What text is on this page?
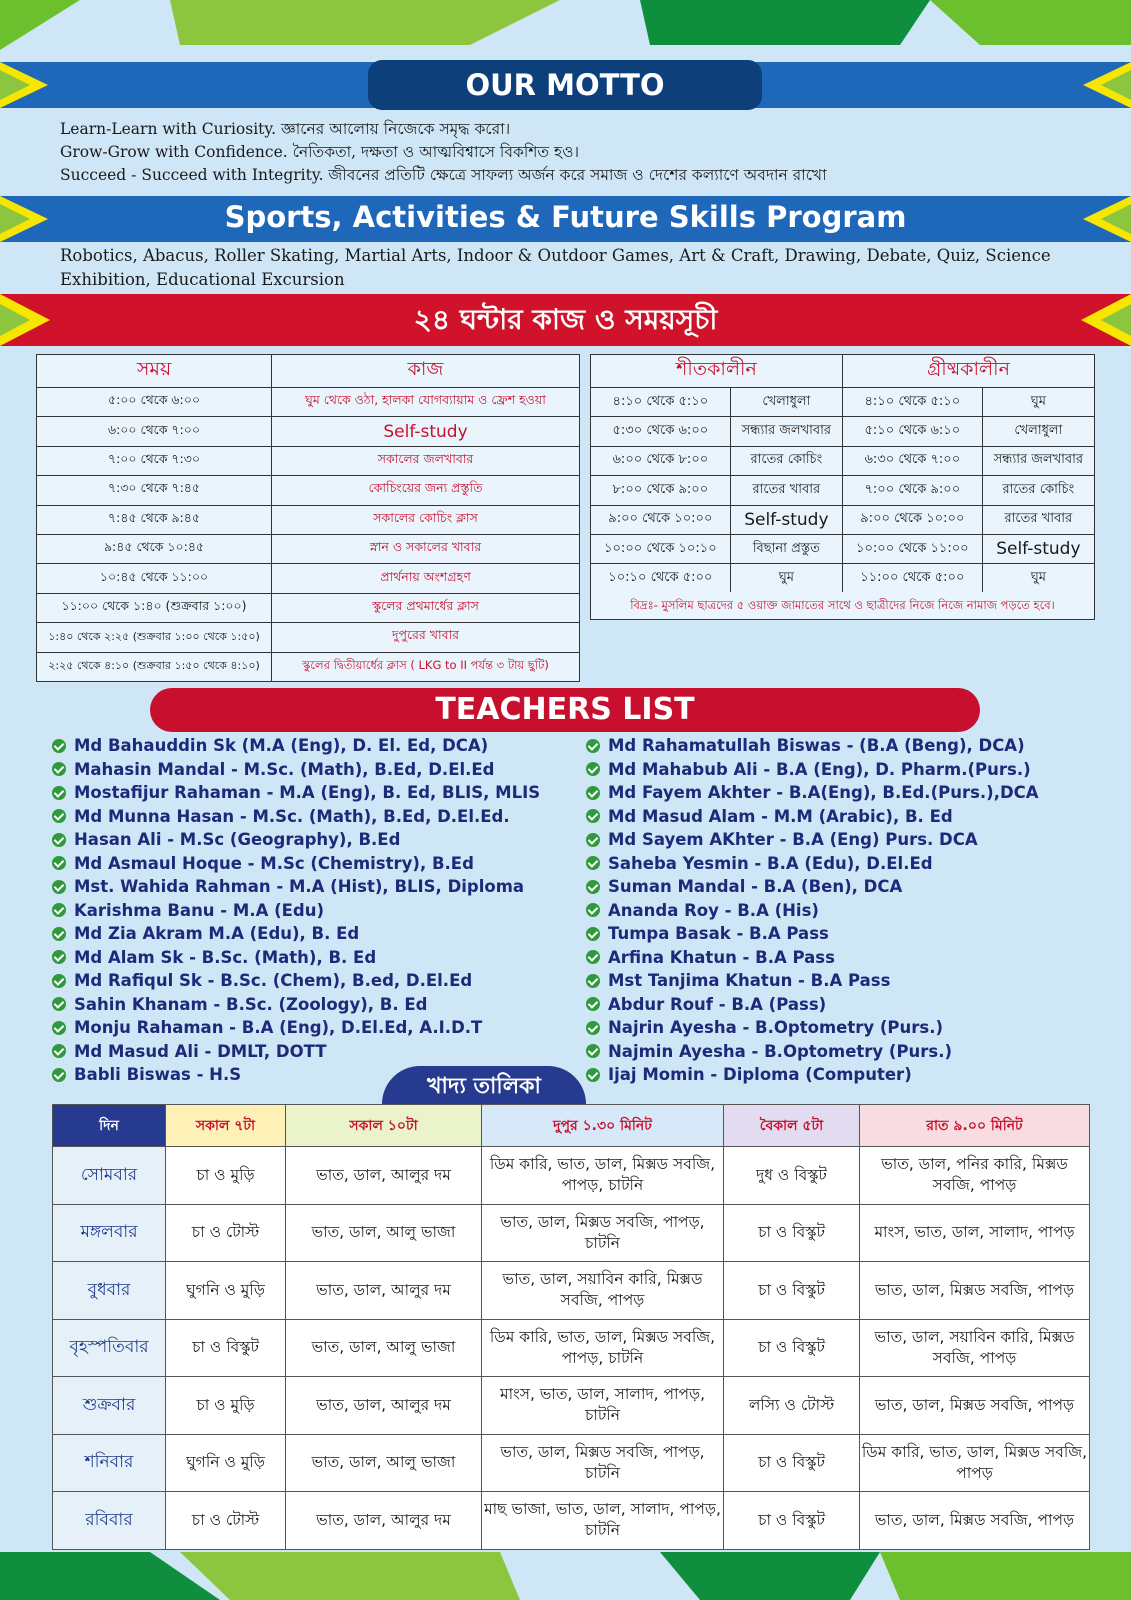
OUR MOTTO
Learn-Learn with Curiosity. জ্ঞানের আলোয় নিজেকে সমৃদ্ধ করো।
Grow-Grow with Confidence. নৈতিকতা, দক্ষতা ও আত্মবিশ্বাসে বিকশিত হও।
Succeed - Succeed with Integrity. জীবনের প্রতিটি ক্ষেত্রে সাফল্য অর্জন করে সমাজ ও দেশের কল্যাণে অবদান রাখো
Sports, Activities & Future Skills Program
Robotics, Abacus, Roller Skating, Martial Arts, Indoor & Outdoor Games, Art & Craft, Drawing, Debate, Quiz, Science Exhibition, Educational Excursion
২৪ ঘন্টার কাজ ও সময়সূচী
সময়	কাজ
৫:০০ থেকে ৬:০০	ঘুম থেকে ওঠা, হালকা যোগব্যায়াম ও ফ্রেশ হওয়া
৬:০০ থেকে ৭:০০	Self-study
৭:০০ থেকে ৭:৩০	সকালের জলখাবার
৭:৩০ থেকে ৭:৪৫	কোচিংয়ের জন্য প্রস্তুতি
৭:৪৫ থেকে ৯:৪৫	সকালের কোচিং ক্লাস
৯:৪৫ থেকে ১০:৪৫	স্নান ও সকালের খাবার
১০:৪৫ থেকে ১১:০০	প্রার্থনায় অংশগ্রহণ
১১:০০ থেকে ১:৪০ (শুক্রবার ১:০০)	স্কুলের প্রথমার্ধের ক্লাস
১:৪০ থেকে ২:২৫ (শুক্রবার ১:০০ থেকে ১:৫০)	দুপুরের খাবার
২:২৫ থেকে ৪:১০ (শুক্রবার ১:৫০ থেকে ৪:১০)	স্কুলের দ্বিতীয়ার্ধের ক্লাস ( LKG to II পর্যন্ত ৩ টায় ছুটি)
শীতকালীন		গ্রীষ্মকালীন	
৪:১০ থেকে ৫:১০	খেলাধুলা	৪:১০ থেকে ৫:১০	ঘুম
৫:৩০ থেকে ৬:০০	সন্ধ্যার জলখাবার	৫:১০ থেকে ৬:১০	খেলাধুলা
৬:০০ থেকে ৮:০০	রাতের কোচিং	৬:৩০ থেকে ৭:০০	সন্ধ্যার জলখাবার
৮:০০ থেকে ৯:০০	রাতের খাবার	৭:০০ থেকে ৯:০০	রাতের কোচিং
৯:০০ থেকে ১০:০০	Self-study	৯:০০ থেকে ১০:০০	রাতের খাবার
১০:০০ থেকে ১০:১০	বিছানা প্রস্তুত	১০:০০ থেকে ১১:০০	Self-study
১০:১০ থেকে ৫:০০	ঘুম	১১:০০ থেকে ৫:০০	ঘুম
বিদ্রঃ- মুসলিম ছাত্রদের ৫ ওয়াক্ত জামাতের সাথে ও ছাত্রীদের নিজে নিজে নামাজ পড়তে হবে।
TEACHERS LIST
Md Bahauddin Sk (M.A (Eng), D. El. Ed, DCA)
Mahasin Mandal - M.Sc. (Math), B.Ed, D.El.Ed
Mostafijur Rahaman - M.A (Eng), B. Ed, BLIS, MLIS
Md Munna Hasan - M.Sc. (Math), B.Ed, D.El.Ed.
Hasan Ali - M.Sc (Geography), B.Ed
Md Asmaul Hoque - M.Sc (Chemistry), B.Ed
Mst. Wahida Rahman - M.A (Hist), BLIS, Diploma
Karishma Banu - M.A (Edu)
Md Zia Akram M.A (Edu), B. Ed
Md Alam Sk - B.Sc. (Math), B. Ed
Md Rafiqul Sk - B.Sc. (Chem), B.ed, D.El.Ed
Sahin Khanam - B.Sc. (Zoology), B. Ed
Monju Rahaman - B.A (Eng), D.El.Ed, A.I.D.T
Md Masud Ali - DMLT, DOTT
Babli Biswas - H.S
Md Rahamatullah Biswas - (B.A (Beng), DCA)
Md Mahabub Ali - B.A (Eng), D. Pharm.(Purs.)
Md Fayem Akhter - B.A(Eng), B.Ed.(Purs.),DCA
Md Masud Alam - M.M (Arabic), B. Ed
Md Sayem AKhter - B.A (Eng) Purs. DCA
Saheba Yesmin - B.A (Edu), D.El.Ed
Suman Mandal - B.A (Ben), DCA
Ananda Roy - B.A (His)
Tumpa Basak - B.A Pass
Arfina Khatun - B.A Pass
Mst Tanjima Khatun - B.A Pass
Abdur Rouf - B.A (Pass)
Najrin Ayesha - B.Optometry (Purs.)
Najmin Ayesha - B.Optometry (Purs.)
Ijaj Momin - Diploma (Computer)
খাদ্য তালিকা
দিন	সকাল ৭টা	সকাল ১০টা	দুপুর ১.৩০ মিনিট	বৈকাল ৫টা	রাত ৯.০০ মিনিট
সোমবার	চা ও মুড়ি	ভাত, ডাল, আলুর দম	ডিম কারি, ভাত, ডাল, মিক্সড সবজি, পাপড়, চাটনি	দুধ ও বিস্কুট	ভাত, ডাল, পনির কারি, মিক্সড সবজি, পাপড়
মঙ্গলবার	চা ও টোস্ট	ভাত, ডাল, আলু ভাজা	ভাত, ডাল, মিক্সড সবজি, পাপড়, চাটনি	চা ও বিস্কুট	মাংস, ভাত, ডাল, সালাদ, পাপড়
বুধবার	ঘুগনি ও মুড়ি	ভাত, ডাল, আলুর দম	ভাত, ডাল, সয়াবিন কারি, মিক্সড সবজি, পাপড়	চা ও বিস্কুট	ভাত, ডাল, মিক্সড সবজি, পাপড়
বৃহস্পতিবার	চা ও বিস্কুট	ভাত, ডাল, আলু ভাজা	ডিম কারি, ভাত, ডাল, মিক্সড সবজি, পাপড়, চাটনি	চা ও বিস্কুট	ভাত, ডাল, সয়াবিন কারি, মিক্সড সবজি, পাপড়
শুক্রবার	চা ও মুড়ি	ভাত, ডাল, আলুর দম	মাংস, ভাত, ডাল, সালাদ, পাপড়, চাটনি	লস্যি ও টোস্ট	ভাত, ডাল, মিক্সড সবজি, পাপড়
শনিবার	ঘুগনি ও মুড়ি	ভাত, ডাল, আলু ভাজা	ভাত, ডাল, মিক্সড সবজি, পাপড়, চাটনি	চা ও বিস্কুট	ডিম কারি, ভাত, ডাল, মিক্সড সবজি, পাপড়
রবিবার	চা ও টোস্ট	ভাত, ডাল, আলুর দম	মাছ ভাজা, ভাত, ডাল, সালাদ, পাপড়, চাটনি	চা ও বিস্কুট	ভাত, ডাল, মিক্সড সবজি, পাপড়
